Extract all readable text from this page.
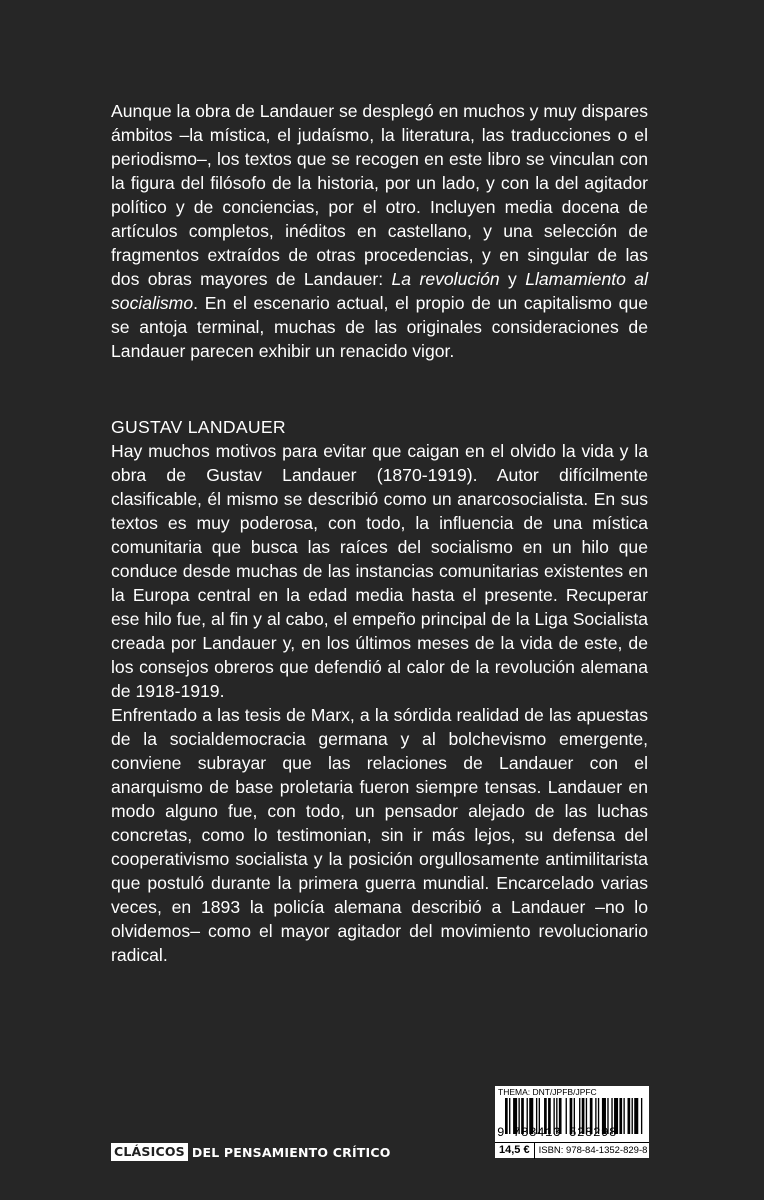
Aunque la obra de Landauer se desplegó en muchos y muy dispares ámbitos –la mística, el judaísmo, la literatura, las traducciones o el periodismo–, los textos que se recogen en este libro se vinculan con la figura del filósofo de la historia, por un lado, y con la del agitador político y de conciencias, por el otro. Incluyen media docena de artículos completos, inéditos en castellano, y una selección de fragmentos extraídos de otras procedencias, y en singular de las dos obras mayores de Landauer: La revolución y Llamamiento al socialismo. En el escenario actual, el propio de un capitalismo que se antoja terminal, muchas de las originales consideraciones de Landauer parecen exhibir un renacido vigor.

GUSTAV LANDAUER

Hay muchos motivos para evitar que caigan en el olvido la vida y la obra de Gustav Landauer (1870-1919). Autor difícilmente clasificable, él mismo se describió como un anarcosocialista. En sus textos es muy poderosa, con todo, la influencia de una mística comunitaria que busca las raíces del socialismo en un hilo que conduce desde muchas de las instancias comunitarias existentes en la Europa central en la edad media hasta el presente. Recuperar ese hilo fue, al fin y al cabo, el empeño principal de la Liga Socialista creada por Landauer y, en los últimos meses de la vida de este, de los consejos obreros que defendió al calor de la revolución alemana de 1918-1919.

Enfrentado a las tesis de Marx, a la sórdida realidad de las apuestas de la socialdemocracia germana y al bolchevismo emergente, conviene subrayar que las relaciones de Landauer con el anarquismo de base proletaria fueron siempre tensas. Landauer en modo alguno fue, con todo, un pensador alejado de las luchas concretas, como lo testimonian, sin ir más lejos, su defensa del cooperativismo socialista y la posición orgullosamente antimilitarista que postuló durante la primera guerra mundial. Encarcelado varias veces, en 1893 la policía alemana describió a Landauer –no lo olvidemos– como el mayor agitador del movimiento revolucionario radical.

CLÁSICOS DEL PENSAMIENTO CRÍTICO
THEMA: DNT/JPFB/JPFC
9 788413 528298
14,5 € ISBN: 978-84-1352-829-8
